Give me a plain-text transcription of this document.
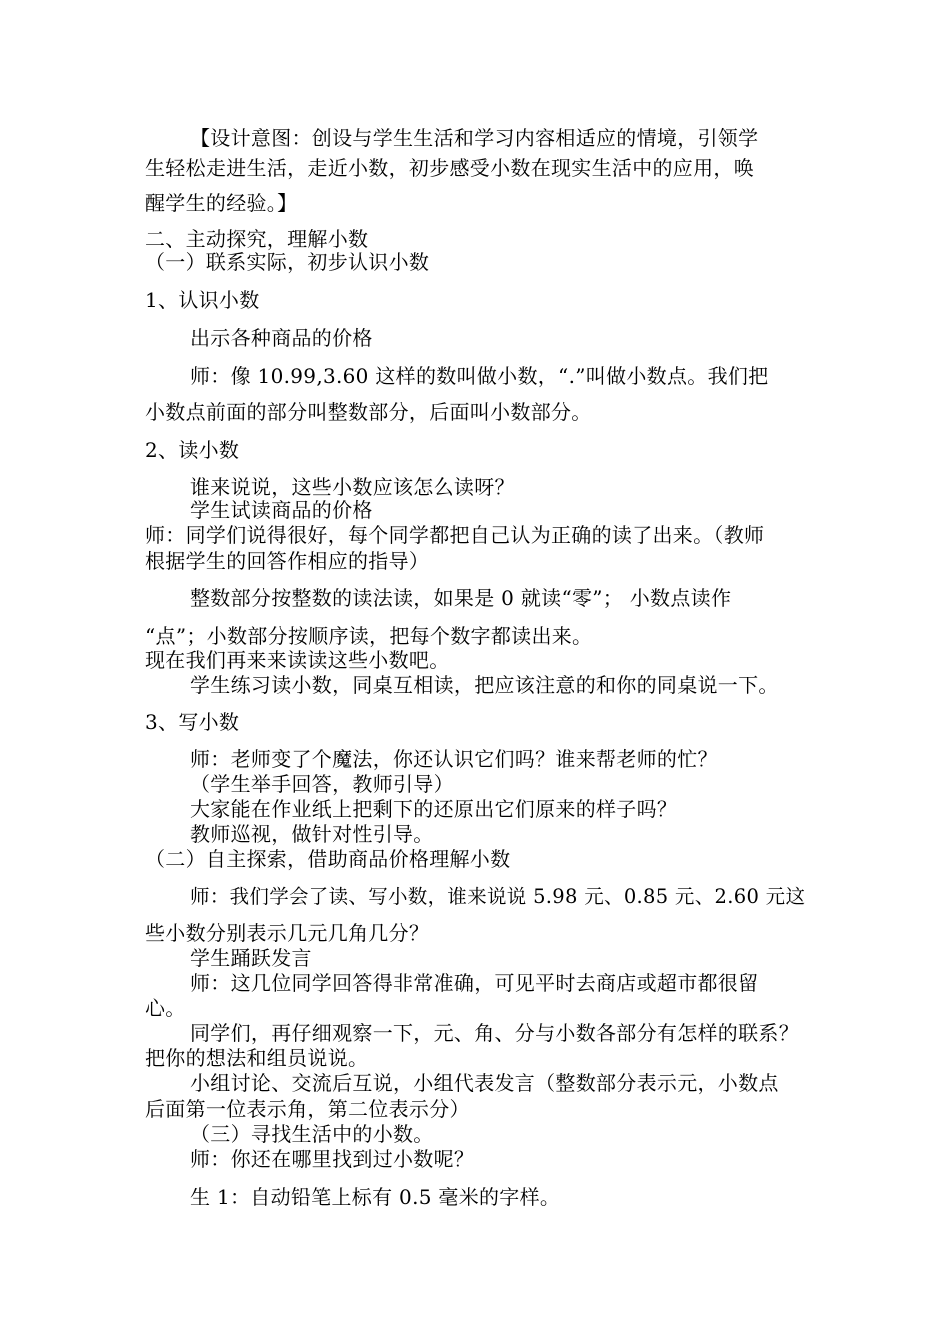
【设计意图：创设与学生生活和学习内容相适应的情境，引领学
生轻松走进生活，走近小数，初步感受小数在现实生活中的应用，唤
醒学生的经验。】
二、主动探究，理解小数
（一）联系实际，初步认识小数
1、认识小数
出示各种商品的价格
师：像 10.99,3.60 这样的数叫做小数，“.”叫做小数点。我们把
小数点前面的部分叫整数部分，后面叫小数部分。
2、读小数
谁来说说，这些小数应该怎么读呀？
学生试读商品的价格
师：同学们说得很好，每个同学都把自己认为正确的读了出来。（教师
根据学生的回答作相应的指导）
整数部分按整数的读法读，如果是 0 就读“零”； 小数点读作
“点”；小数部分按顺序读，把每个数字都读出来。
现在我们再来来读读这些小数吧。
学生练习读小数，同桌互相读，把应该注意的和你的同桌说一下。
3、写小数
师：老师变了个魔法，你还认识它们吗？谁来帮老师的忙？
（学生举手回答，教师引导）
大家能在作业纸上把剩下的还原出它们原来的样子吗？
教师巡视，做针对性引导。
（二）自主探索，借助商品价格理解小数
师：我们学会了读、写小数，谁来说说 5.98 元、0.85 元、2.60 元这
些小数分别表示几元几角几分？
学生踊跃发言
师：这几位同学回答得非常准确，可见平时去商店或超市都很留
心。
同学们，再仔细观察一下，元、角、分与小数各部分有怎样的联系？
把你的想法和组员说说。
小组讨论、交流后互说，小组代表发言（整数部分表示元，小数点
后面第一位表示角，第二位表示分）
（三）寻找生活中的小数。
师：你还在哪里找到过小数呢？
生 1：自动铅笔上标有 0.5 毫米的字样。
